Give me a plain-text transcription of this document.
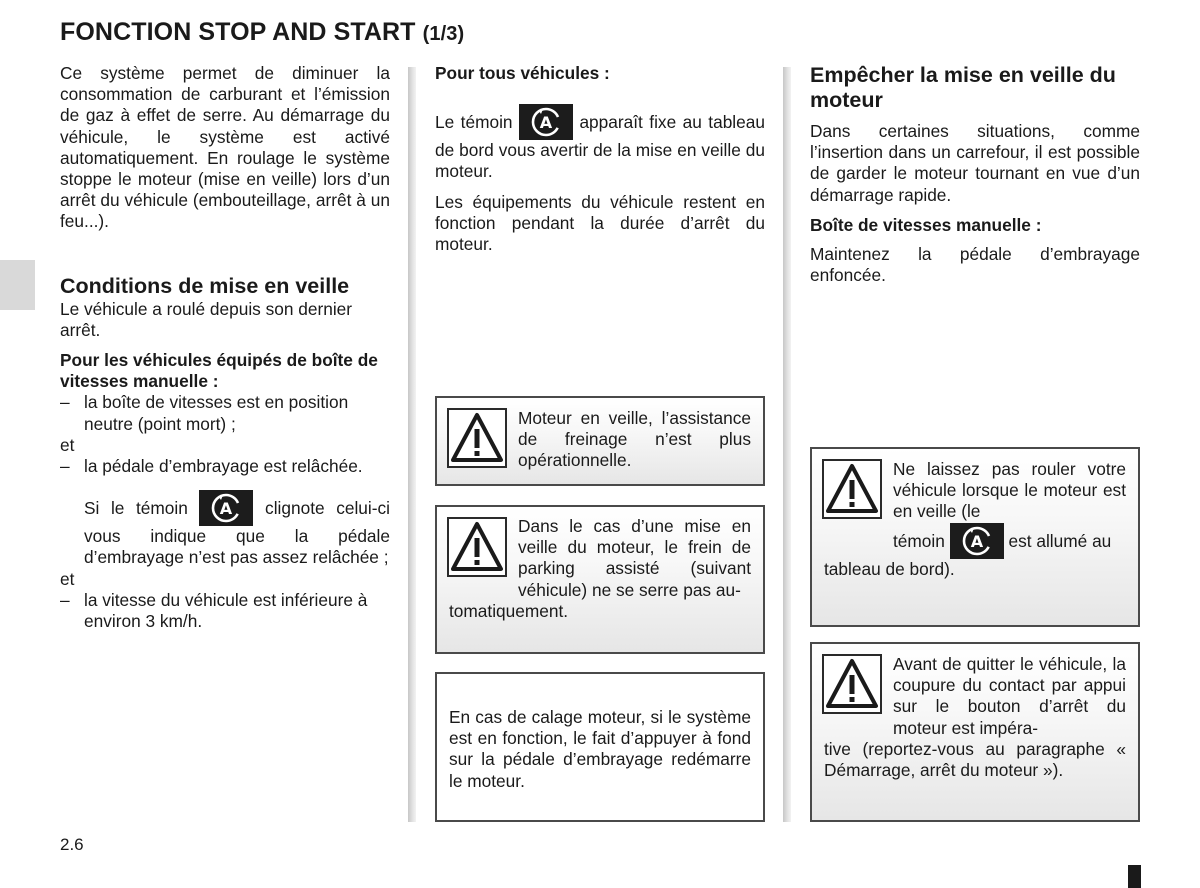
FONCTION STOP AND START (1/3)

Ce système permet de diminuer la consommation de carburant et l’émission de gaz à effet de serre. Au démarrage du véhicule, le système est activé automatiquement. En roulage le système stoppe le moteur (mise en veille) lors d’un arrêt du véhicule (embouteillage, arrêt à un feu...).

Conditions de mise en veille

Le véhicule a roulé depuis son dernier arrêt.

Pour les véhicules équipés de boîte de vitesses manuelle :

– la boîte de vitesses est en position neutre (point mort) ;

et

– la pédale d’embrayage est relâchée.

Si le témoin A clignote celui-ci vous indique que la pédale d’embrayage n’est pas assez relâchée ;

et

– la vitesse du véhicule est inférieure à environ 3 km/h.

Pour tous véhicules :

Le témoin A apparaît fixe au tableau de bord vous avertir de la mise en veille du moteur.

Les équipements du véhicule restent en fonction pendant la durée d’arrêt du moteur.

Moteur en veille, l’assistance de freinage n’est plus opérationnelle.
Dans le cas d’une mise en veille du moteur, le frein de parking assisté (suivant véhicule) ne se serre pas au-
tomatiquement.
En cas de calage moteur, si le système est en fonction, le fait d’appuyer à fond sur la pédale d’embrayage redémarre le moteur.
Empêcher la mise en veille du moteur

Dans certaines situations, comme l’insertion dans un carrefour, il est possible de garder le moteur tournant en vue d’un démarrage rapide.

Boîte de vitesses manuelle :

Maintenez la pédale d’embrayage enfoncée.

Ne laissez pas rouler votre véhicule lorsque le moteur est en veille (le
témoin A est allumé au
tableau de bord).
Avant de quitter le véhicule, la coupure du contact par appui sur le bouton d’arrêt du moteur est impéra-
tive (reportez-vous au paragraphe « Démarrage, arrêt du moteur »).
2.6
